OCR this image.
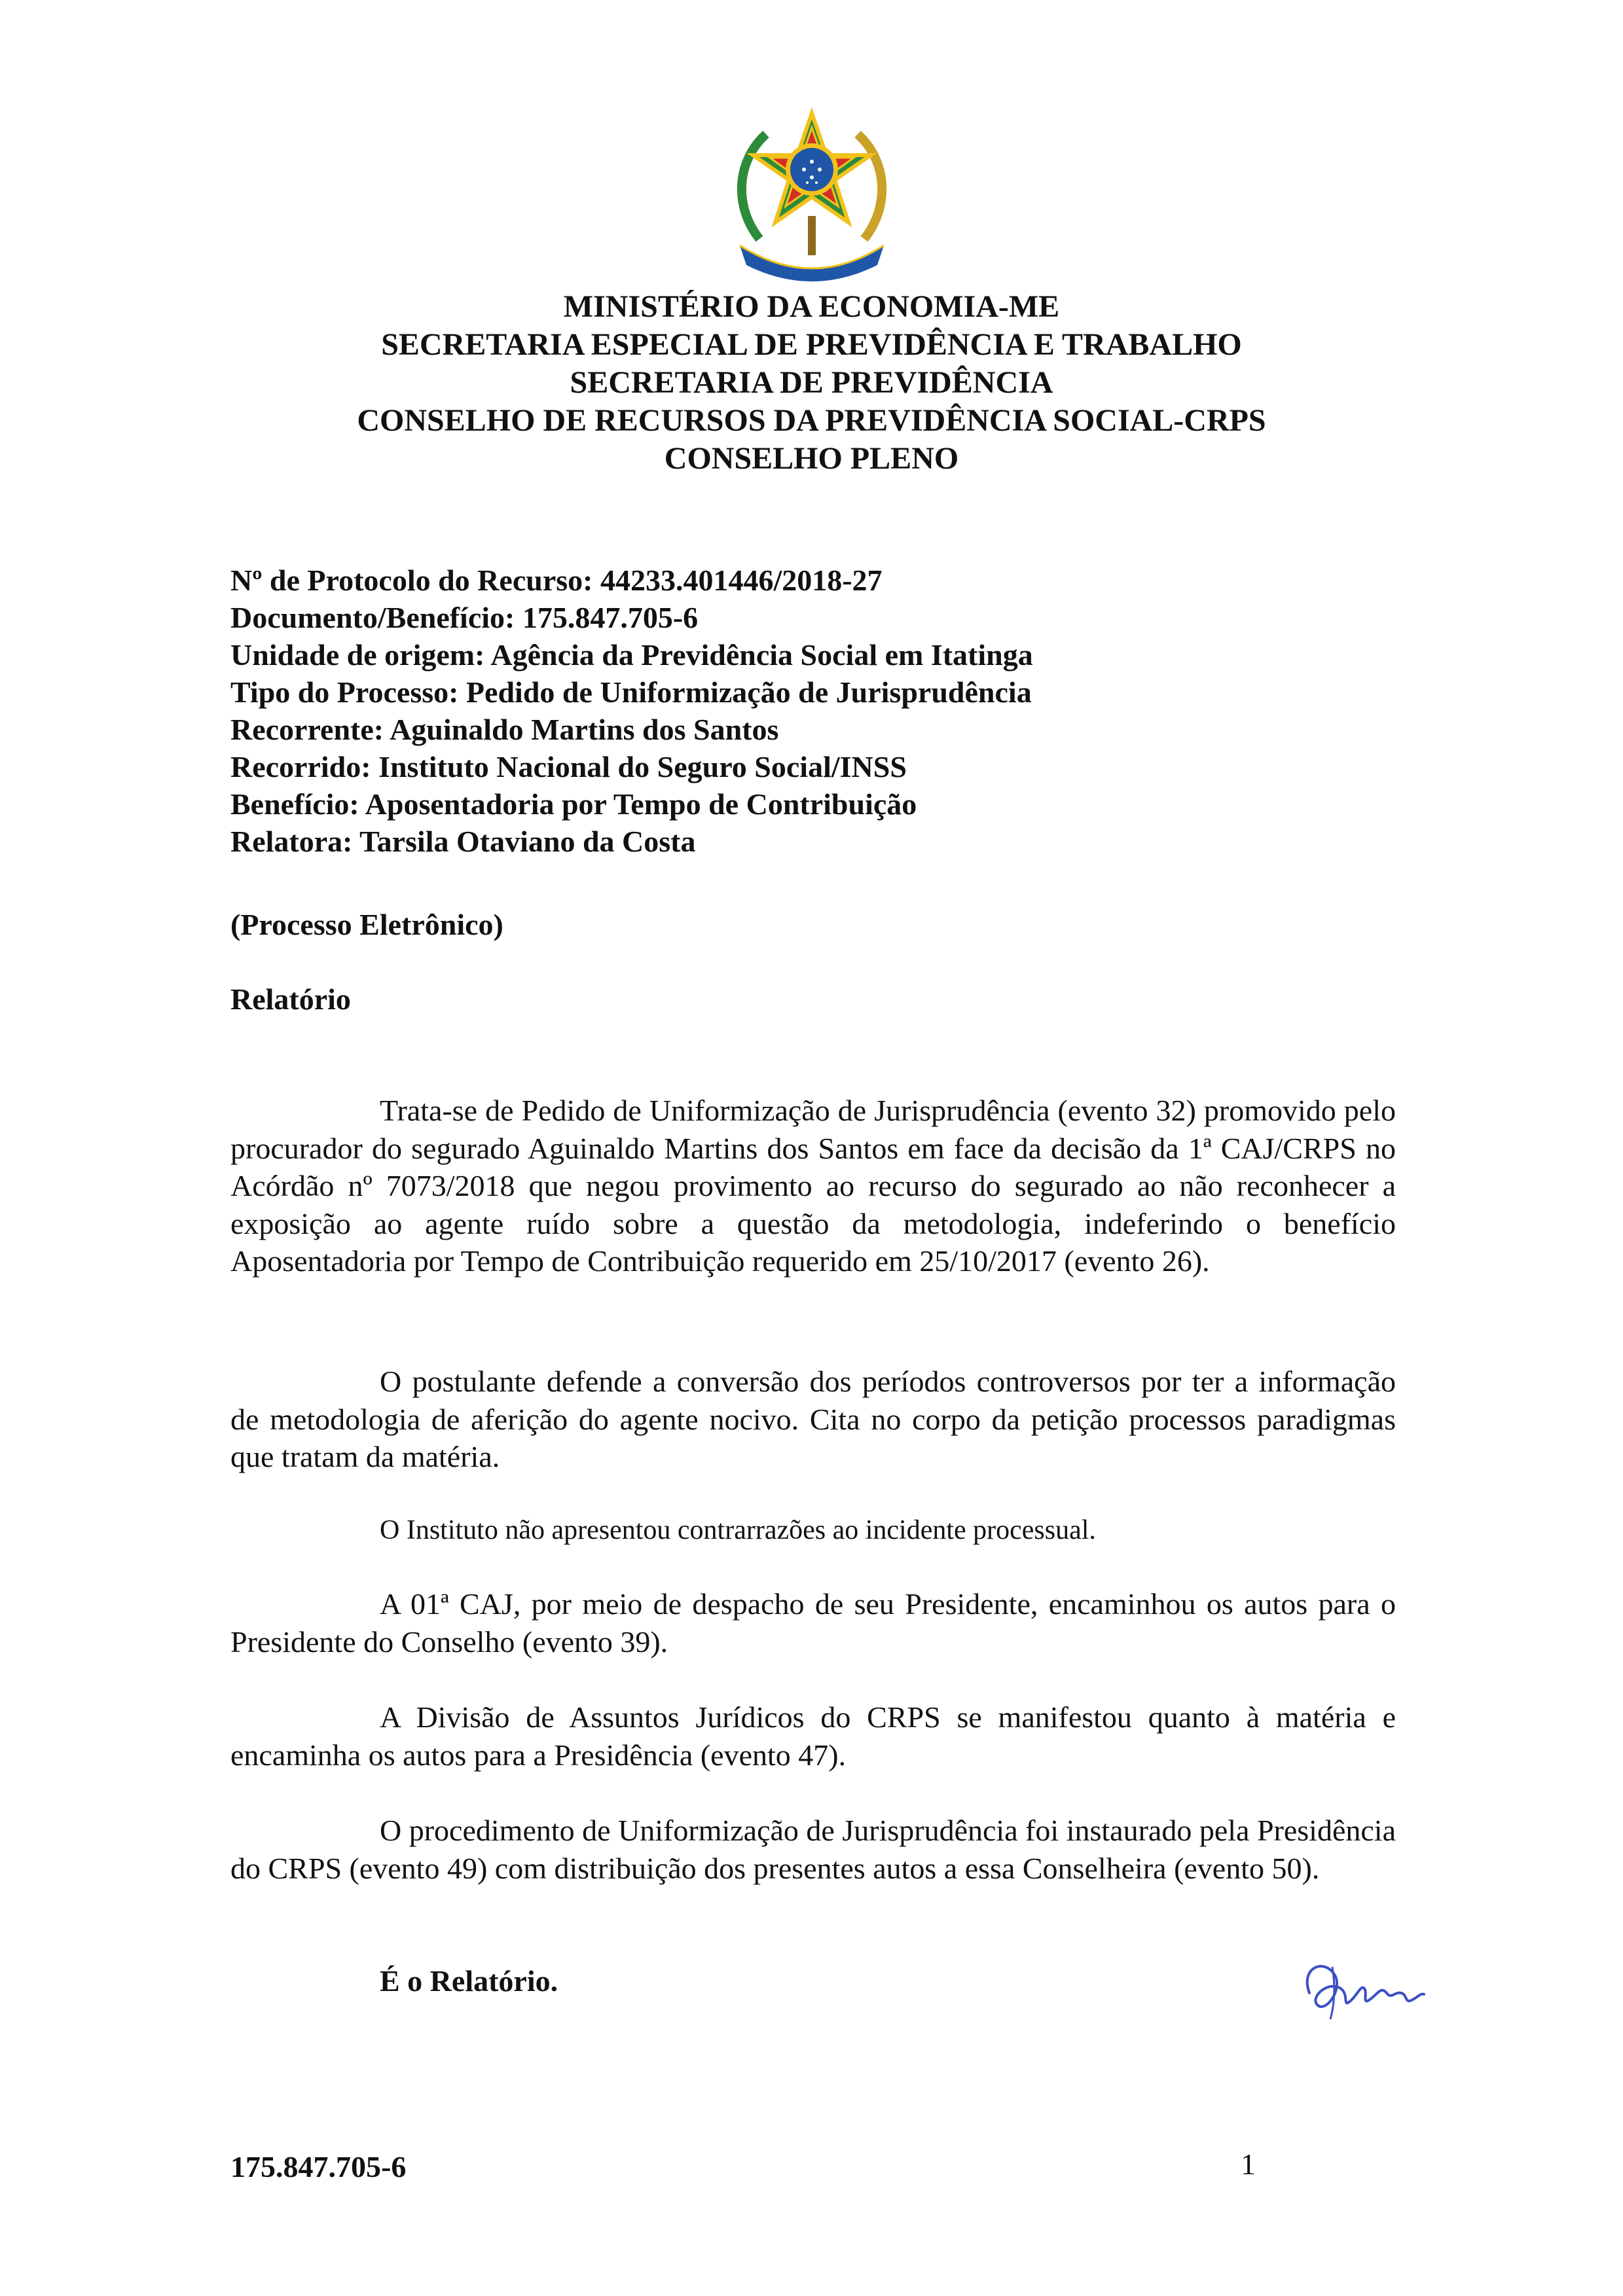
MINISTÉRIO DA ECONOMIA-ME
SECRETARIA ESPECIAL DE PREVIDÊNCIA E TRABALHO
SECRETARIA DE PREVIDÊNCIA
CONSELHO DE RECURSOS DA PREVIDÊNCIA SOCIAL-CRPS
CONSELHO PLENO
Nº de Protocolo do Recurso: 44233.401446/2018-27
Documento/Benefício: 175.847.705-6
Unidade de origem: Agência da Previdência Social em Itatinga
Tipo do Processo: Pedido de Uniformização de Jurisprudência
Recorrente: Aguinaldo Martins dos Santos
Recorrido: Instituto Nacional do Seguro Social/INSS
Benefício: Aposentadoria por Tempo de Contribuição
Relatora: Tarsila Otaviano da Costa
(Processo Eletrônico)
Relatório
Trata-se de Pedido de Uniformização de Jurisprudência (evento 32) promovido pelo procurador do segurado Aguinaldo Martins dos Santos em face da decisão da 1ª CAJ/CRPS no Acórdão nº 7073/2018 que negou provimento ao recurso do segurado ao não reconhecer a exposição ao agente ruído sobre a questão da metodologia, indeferindo o benefício Aposentadoria por Tempo de Contribuição requerido em 25/10/2017 (evento 26).
O postulante defende a conversão dos períodos controversos por ter a informação de metodologia de aferição do agente nocivo. Cita no corpo da petição processos paradigmas que tratam da matéria.
O Instituto não apresentou contrarrazões ao incidente processual.
A 01ª CAJ, por meio de despacho de seu Presidente, encaminhou os autos para o Presidente do Conselho (evento 39).
A Divisão de Assuntos Jurídicos do CRPS se manifestou quanto à matéria e encaminha os autos para a Presidência (evento 47).
O procedimento de Uniformização de Jurisprudência foi instaurado pela Presidência do CRPS (evento 49) com distribuição dos presentes autos a essa Conselheira (evento 50).
É o Relatório.
175.847.705-6	1
